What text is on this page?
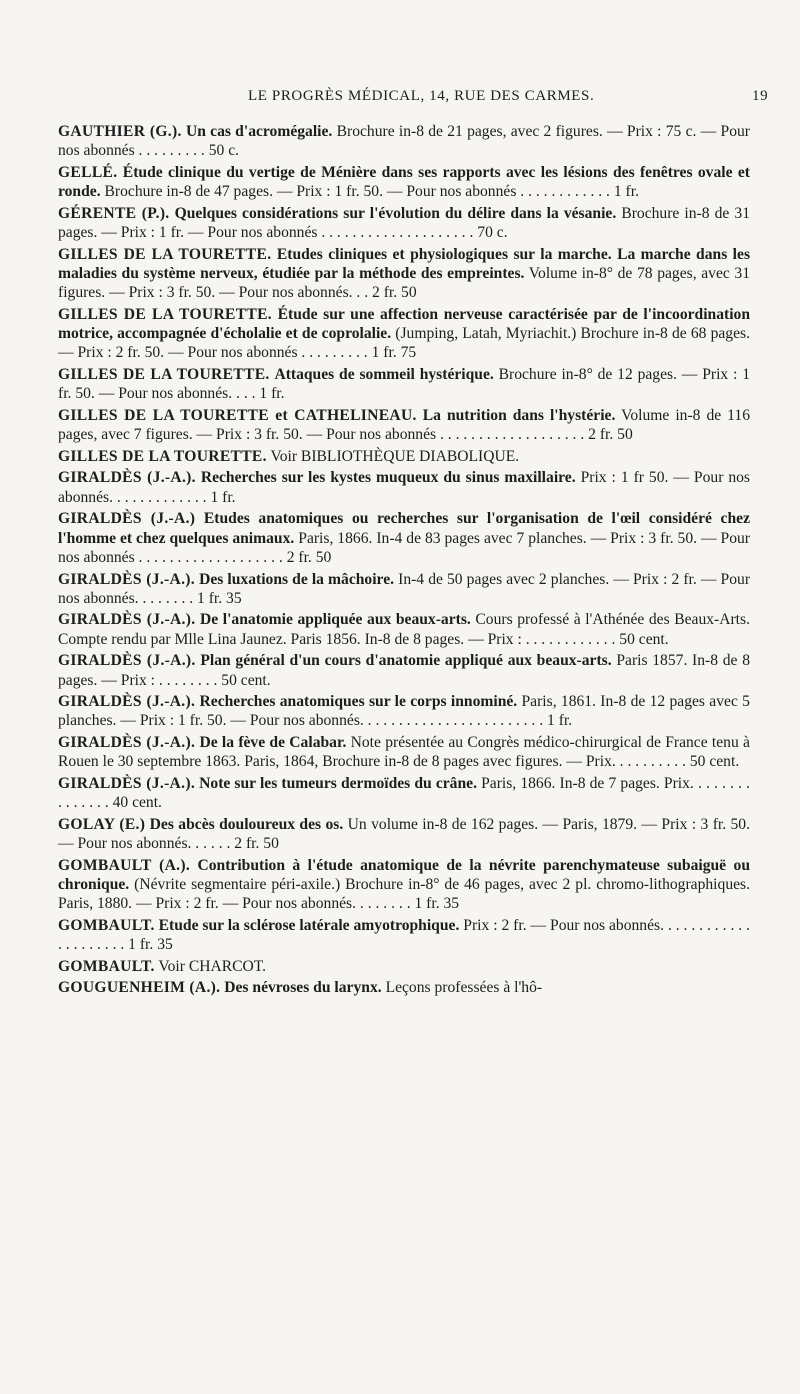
LE PROGRÈS MÉDICAL, 14, RUE DES CARMES.	19

GAUTHIER (G.). Un cas d'acromégalie. Brochure in-8 de 21 pages, avec 2 figures. — Prix : 75 c. — Pour nos abonnés . . . . . . . . . 50 c.

GELLÉ. Étude clinique du vertige de Ménière dans ses rapports avec les lésions des fenêtres ovale et ronde. Brochure in-8 de 47 pages. — Prix : 1 fr. 50. — Pour nos abonnés . . . . . . . . . . . . 1 fr.

GÉRENTE (P.). Quelques considérations sur l'évolution du délire dans la vésanie. Brochure in-8 de 31 pages. — Prix : 1 fr. — Pour nos abonnés . . . . . . . . . . . . . . . . . . . . 70 c.

GILLES DE LA TOURETTE. Etudes cliniques et physiologiques sur la marche. La marche dans les maladies du système nerveux, étudiée par la méthode des empreintes. Volume in-8° de 78 pages, avec 31 figures. — Prix : 3 fr. 50. — Pour nos abonnés. . . 2 fr. 50

GILLES DE LA TOURETTE. Étude sur une affection nerveuse caractérisée par de l'incoordination motrice, accompagnée d'écholalie et de coprolalie. (Jumping, Latah, Myriachit.) Brochure in-8 de 68 pages. — Prix : 2 fr. 50. — Pour nos abonnés . . . . . . . . . 1 fr. 75

GILLES DE LA TOURETTE. Attaques de sommeil hystérique. Brochure in-8° de 12 pages. — Prix : 1 fr. 50. — Pour nos abonnés. . . . 1 fr.

GILLES DE LA TOURETTE et CATHELINEAU. La nutrition dans l'hystérie. Volume in-8 de 116 pages, avec 7 figures. — Prix : 3 fr. 50. — Pour nos abonnés . . . . . . . . . . . . . . . . . . . 2 fr. 50

GILLES DE LA TOURETTE. Voir BIBLIOTHÈQUE DIABOLIQUE.

GIRALDÈS (J.-A.). Recherches sur les kystes muqueux du sinus maxillaire. Prix : 1 fr 50. — Pour nos abonnés. . . . . . . . . . . . . 1 fr.

GIRALDÈS (J.-A.) Etudes anatomiques ou recherches sur l'organisation de l'œil considéré chez l'homme et chez quelques animaux. Paris, 1866. In-4 de 83 pages avec 7 planches. — Prix : 3 fr. 50. — Pour nos abonnés . . . . . . . . . . . . . . . . . . . 2 fr. 50

GIRALDÈS (J.-A.). Des luxations de la mâchoire. In-4 de 50 pages avec 2 planches. — Prix : 2 fr. — Pour nos abonnés. . . . . . . . 1 fr. 35

GIRALDÈS (J.-A.). De l'anatomie appliquée aux beaux-arts. Cours professé à l'Athénée des Beaux-Arts. Compte rendu par Mlle Lina Jaunez. Paris 1856. In-8 de 8 pages. — Prix : . . . . . . . . . . . . 50 cent.

GIRALDÈS (J.-A.). Plan général d'un cours d'anatomie appliqué aux beaux-arts. Paris 1857. In-8 de 8 pages. — Prix : . . . . . . . . 50 cent.

GIRALDÈS (J.-A.). Recherches anatomiques sur le corps innominé. Paris, 1861. In-8 de 12 pages avec 5 planches. — Prix : 1 fr. 50. — Pour nos abonnés. . . . . . . . . . . . . . . . . . . . . . . . 1 fr.

GIRALDÈS (J.-A.). De la fève de Calabar. Note présentée au Congrès médico-chirurgical de France tenu à Rouen le 30 septembre 1863. Paris, 1864, Brochure in-8 de 8 pages avec figures. — Prix. . . . . . . . . . 50 cent.

GIRALDÈS (J.-A.). Note sur les tumeurs dermoïdes du crâne. Paris, 1866. In-8 de 7 pages. Prix. . . . . . . . . . . . . . . 40 cent.

GOLAY (E.) Des abcès douloureux des os. Un volume in-8 de 162 pages. — Paris, 1879. — Prix : 3 fr. 50. — Pour nos abonnés. . . . . . 2 fr. 50

GOMBAULT (A.). Contribution à l'étude anatomique de la névrite parenchymateuse subaiguë ou chronique. (Névrite segmentaire péri-axile.) Brochure in-8° de 46 pages, avec 2 pl. chromo-lithographiques. Paris, 1880. — Prix : 2 fr. — Pour nos abonnés. . . . . . . . 1 fr. 35

GOMBAULT. Etude sur la sclérose latérale amyotrophique. Prix : 2 fr. — Pour nos abonnés. . . . . . . . . . . . . . . . . . . . . 1 fr. 35

GOMBAULT. Voir CHARCOT.

GOUGUENHEIM (A.). Des névroses du larynx. Leçons professées à l'hô-
